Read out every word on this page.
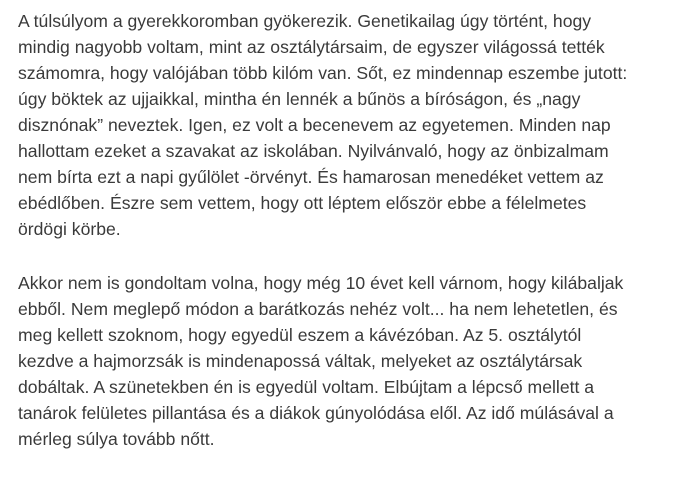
A túlsúlyom a gyerekkoromban gyökerezik. Genetikailag úgy történt, hogy
mindig nagyobb voltam, mint az osztálytársaim, de egyszer világossá tették
számomra, hogy valójában több kilóm van. Sőt, ez mindennap eszembe jutott:
úgy böktek az ujjaikkal, mintha én lennék a bűnös a bíróságon, és „nagy
disznónak” neveztek. Igen, ez volt a becenevem az egyetemen. Minden nap
hallottam ezeket a szavakat az iskolában. Nyilvánvaló, hogy az önbizalmam
nem bírta ezt a napi gyűlölet -örvényt. És hamarosan menedéket vettem az
ebédlőben. Észre sem vettem, hogy ott léptem először ebbe a félelmetes
ördögi körbe.

Akkor nem is gondoltam volna, hogy még 10 évet kell várnom, hogy kilábaljak
ebből. Nem meglepő módon a barátkozás nehéz volt... ha nem lehetetlen, és
meg kellett szoknom, hogy egyedül eszem a kávézóban. Az 5. osztálytól
kezdve a hajmorzsák is mindenapossá váltak, melyeket az osztálytársak
dobáltak. A szünetekben én is egyedül voltam. Elbújtam a lépcső mellett a
tanárok felületes pillantása és a diákok gúnyolódása elől. Az idő múlásával a
mérleg súlya tovább nőtt.
